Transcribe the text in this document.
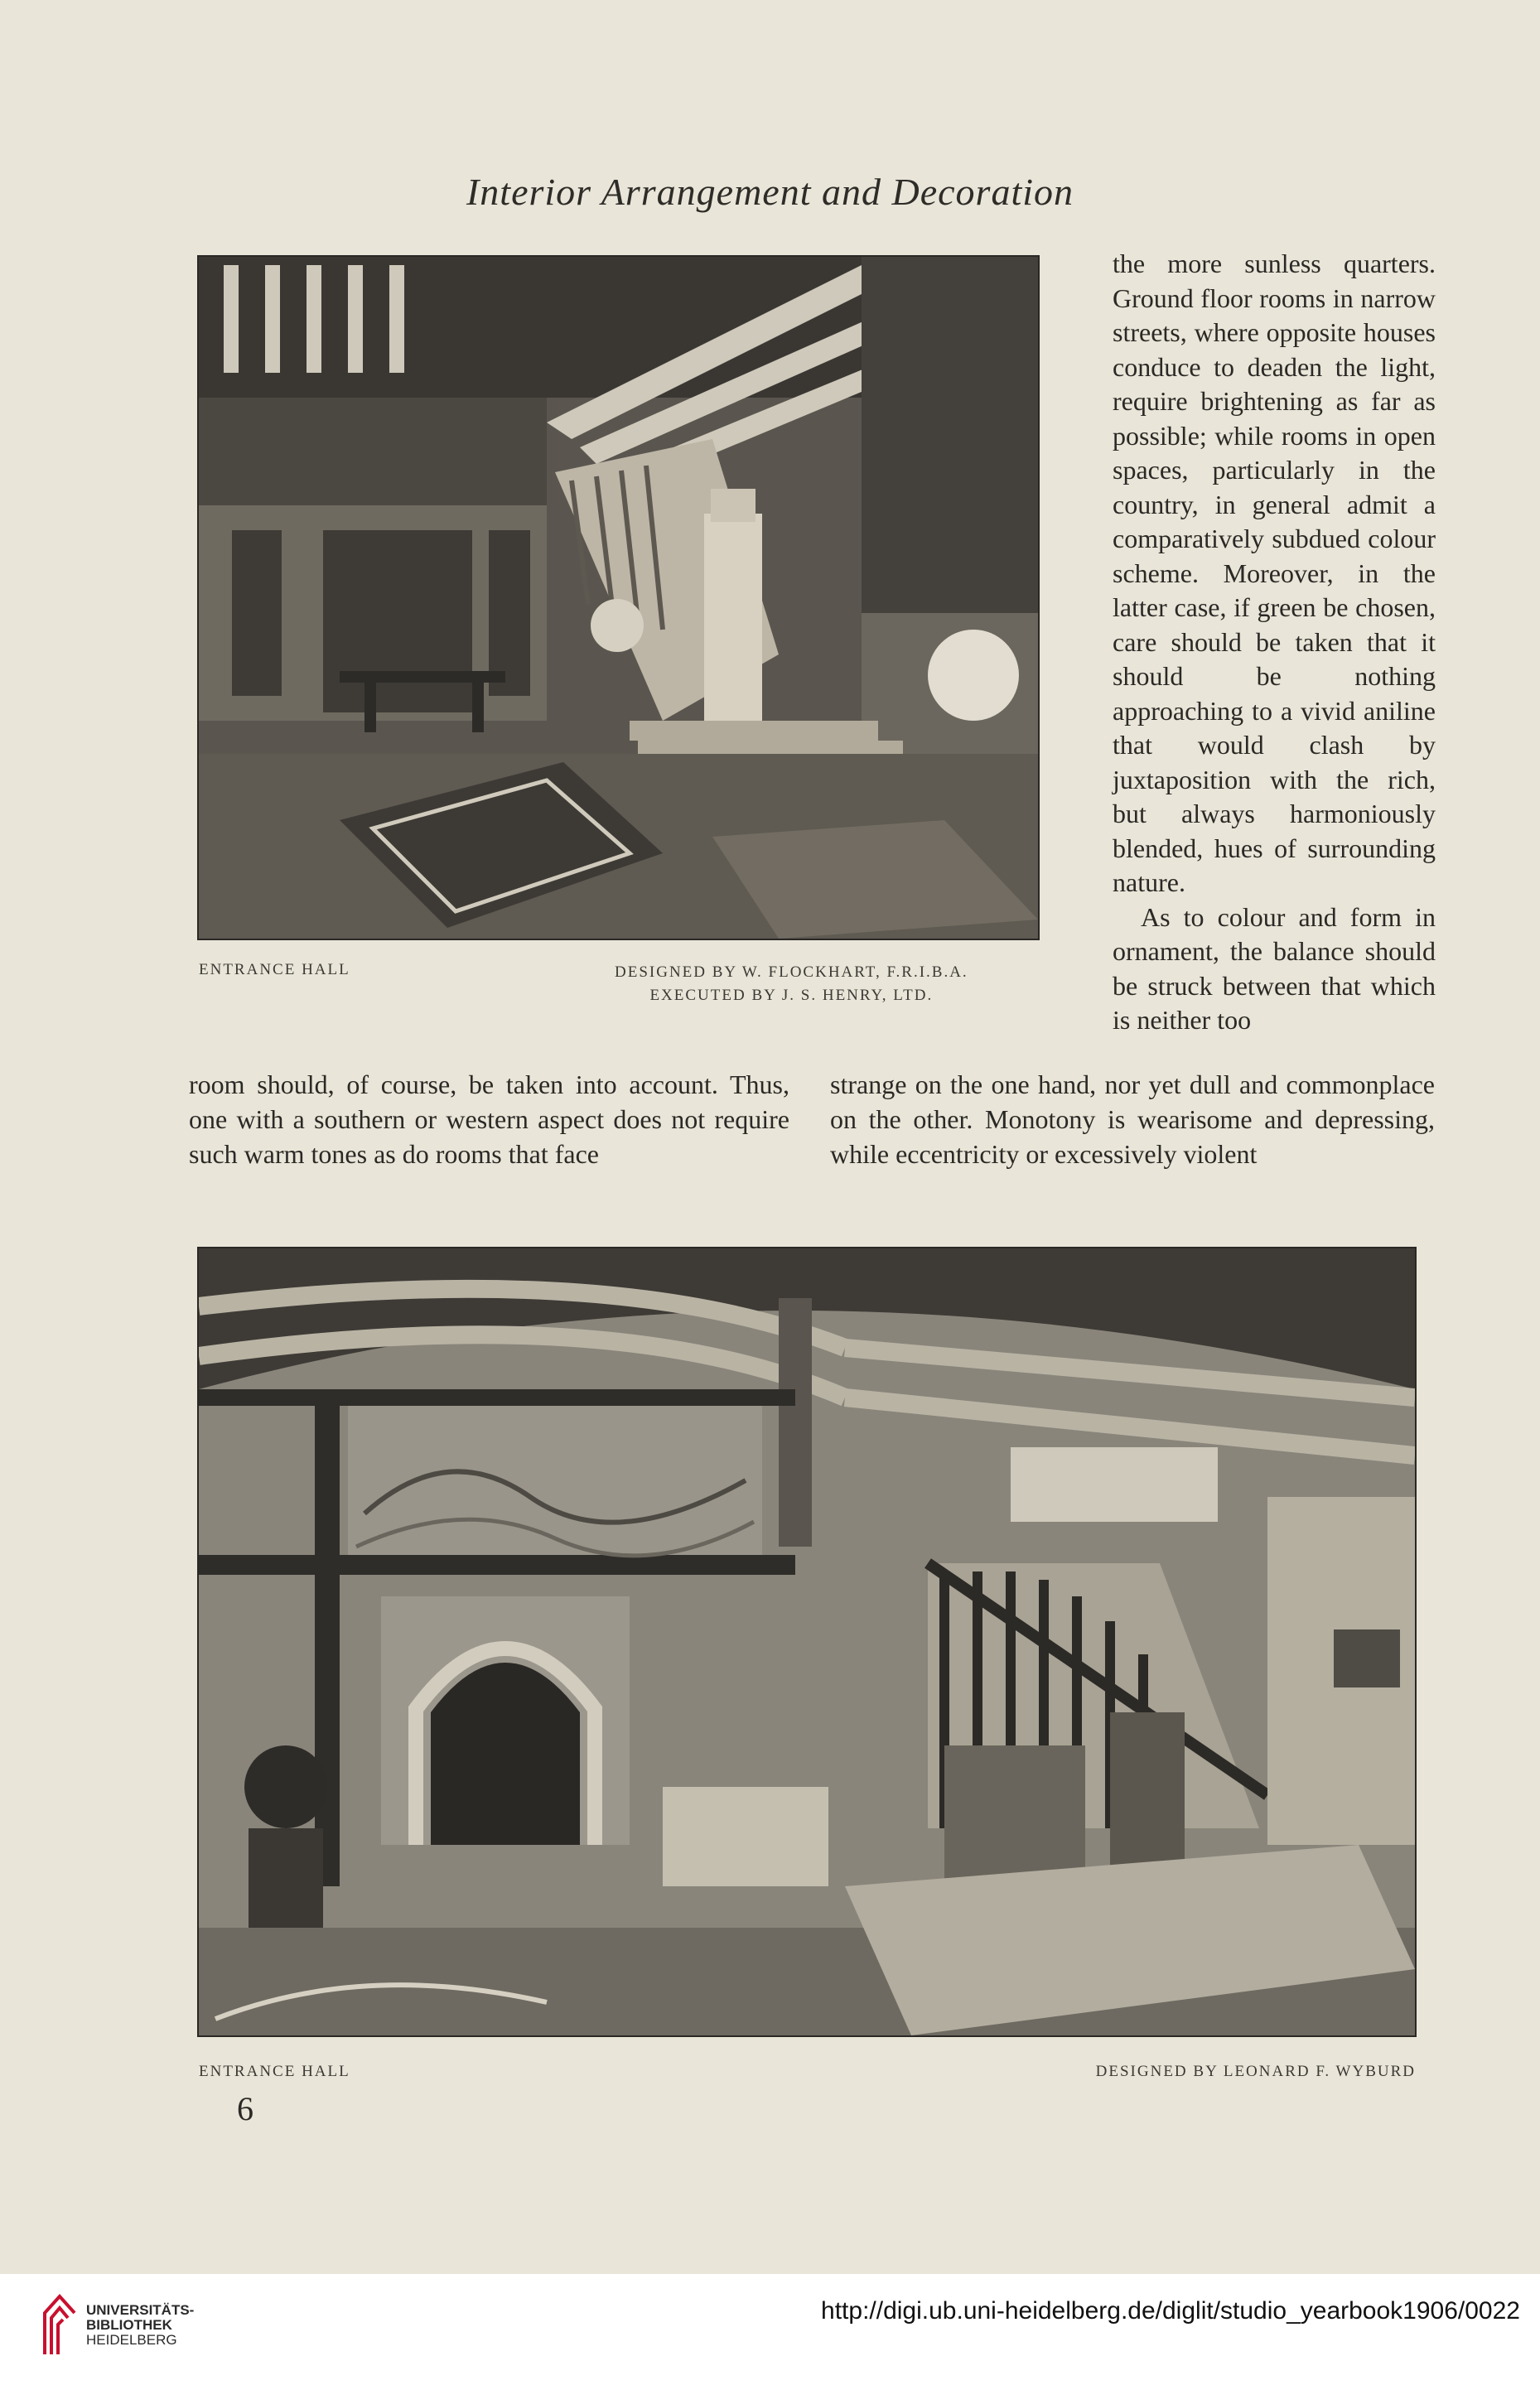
Interior Arrangement and Decoration
ENTRANCE HALL	DESIGNED BY W. FLOCKHART, F.R.I.B.A.
EXECUTED BY J. S. HENRY, LTD.

the more sunless quarters. Ground floor rooms in narrow streets, where opposite houses conduce to deaden the light, require brightening as far as possible; while rooms in open spaces, particularly in the country, in general admit a comparatively subdued colour scheme. Moreover, in the latter case, if green be chosen, care should be taken that it should be nothing approaching to a vivid aniline that would clash by juxtaposition with the rich, but always harmoniously blended, hues of surrounding nature.

As to colour and form in ornament, the balance should be struck between that which is neither too

room should, of course, be taken into account. Thus, one with a southern or western aspect does not require such warm tones as do rooms that face

strange on the one hand, nor yet dull and commonplace on the other. Monotony is wearisome and depressing, while eccentricity or excessively violent

ENTRANCE HALL	DESIGNED BY LEONARD F. WYBURD
6
UNIVERSITÄTS-
BIBLIOTHEK
HEIDELBERG
http://digi.ub.uni-heidelberg.de/diglit/studio_yearbook1906/0022
